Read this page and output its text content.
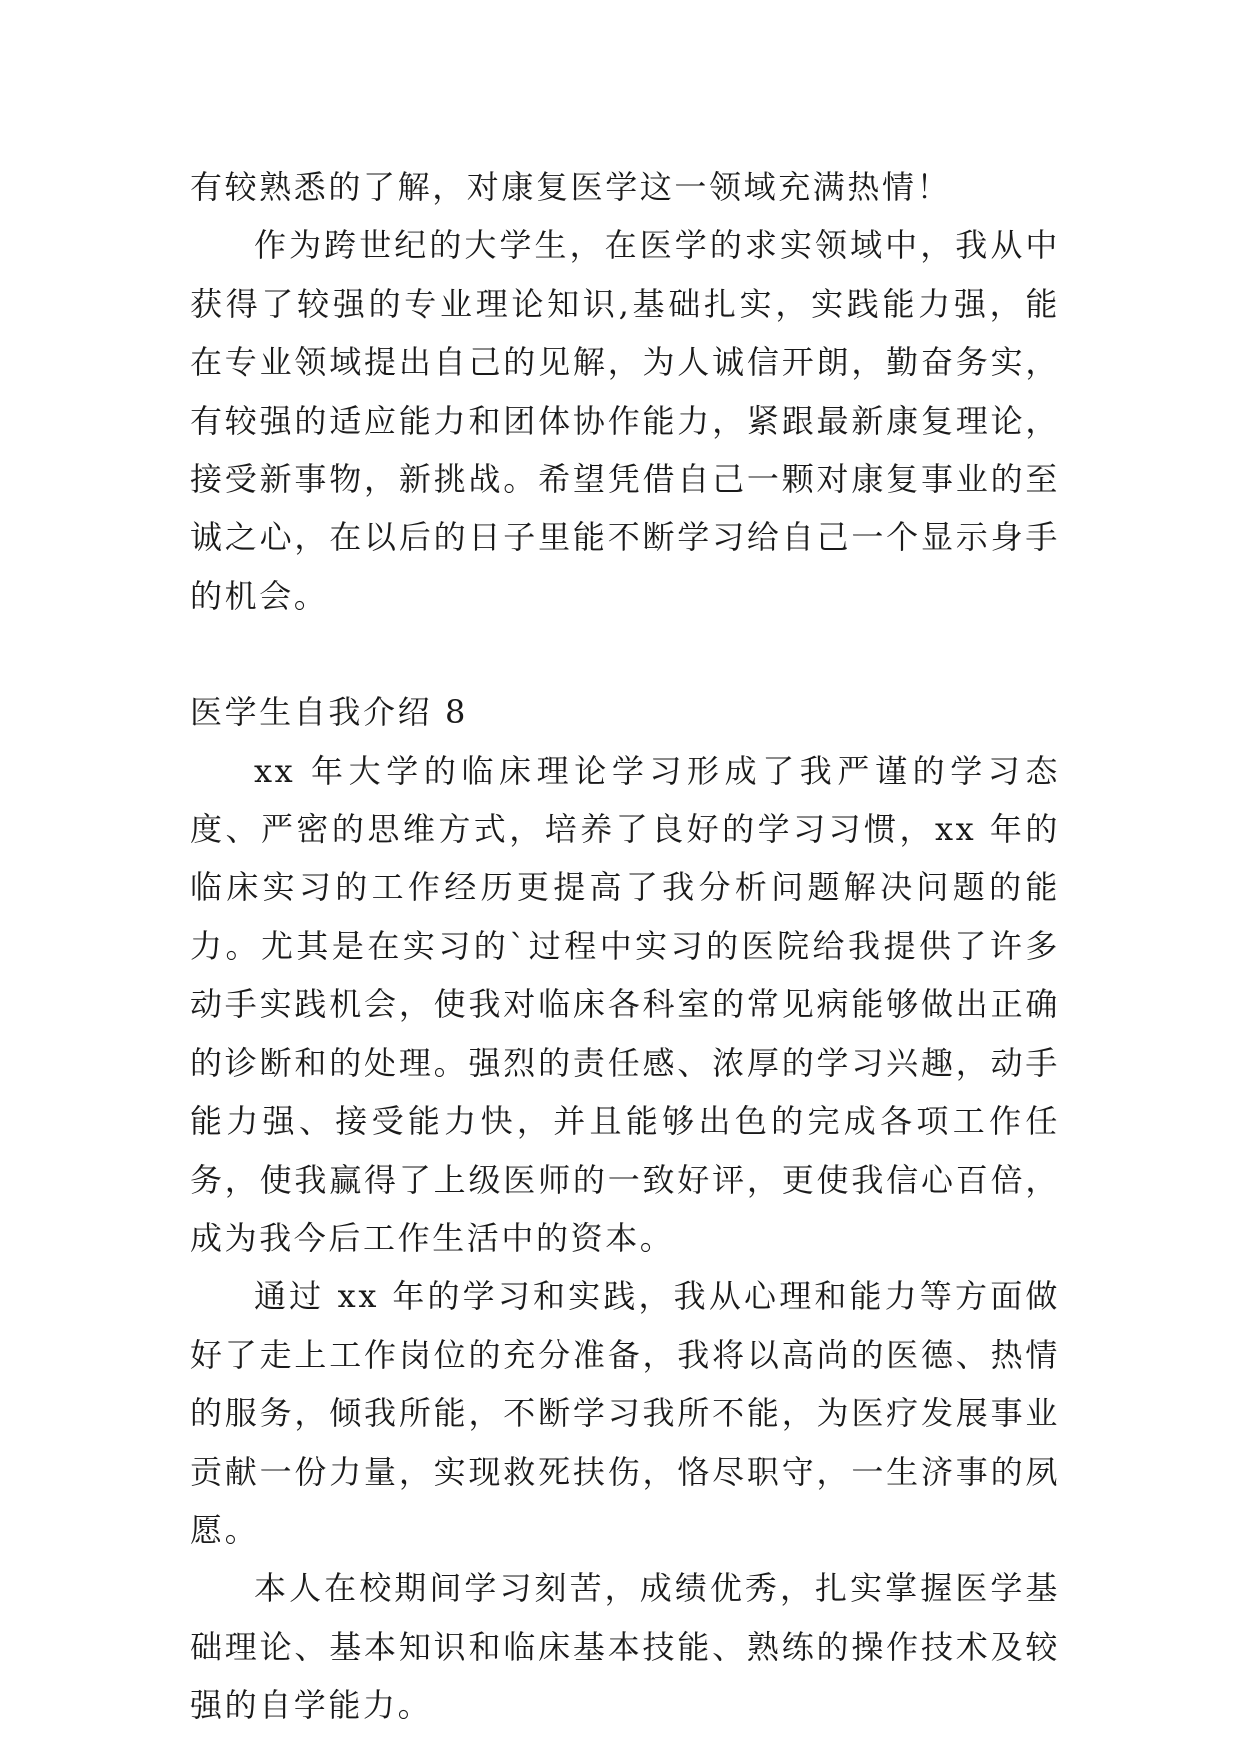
有较熟悉的了解，对康复医学这一领域充满热情！

作为跨世纪的大学生，在医学的求实领域中，我从中获得了较强的专业理论知识,基础扎实，实践能力强，能在专业领域提出自己的见解，为人诚信开朗，勤奋务实，有较强的适应能力和团体协作能力，紧跟最新康复理论，接受新事物，新挑战。希望凭借自己一颗对康复事业的至诚之心，在以后的日子里能不断学习给自己一个显示身手的机会。

医学生自我介绍 8

xx 年大学的临床理论学习形成了我严谨的学习态度、严密的思维方式，培养了良好的学习习惯，xx 年的临床实习的工作经历更提高了我分析问题解决问题的能力。尤其是在实习的`过程中实习的医院给我提供了许多动手实践机会，使我对临床各科室的常见病能够做出正确的诊断和的处理。强烈的责任感、浓厚的学习兴趣，动手能力强、接受能力快，并且能够出色的完成各项工作任务，使我赢得了上级医师的一致好评，更使我信心百倍，成为我今后工作生活中的资本。

通过 xx 年的学习和实践，我从心理和能力等方面做好了走上工作岗位的充分准备，我将以高尚的医德、热情的服务，倾我所能，不断学习我所不能，为医疗发展事业贡献一份力量，实现救死扶伤，恪尽职守，一生济事的夙愿。

本人在校期间学习刻苦，成绩优秀，扎实掌握医学基础理论、基本知识和临床基本技能、熟练的操作技术及较强的自学能力。
